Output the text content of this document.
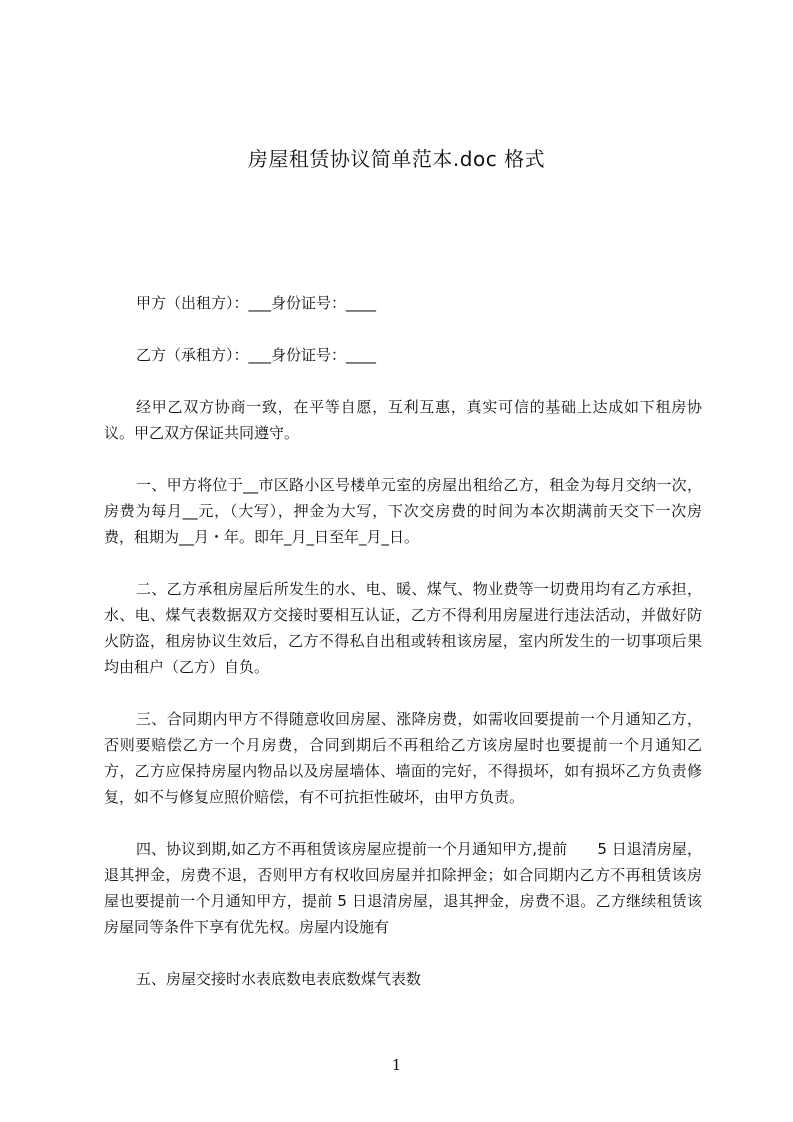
房屋租赁协议简单范本.doc 格式

甲方（出租方）：___身份证号：____

乙方（承租方）：___身份证号：____

经甲乙双方协商一致，在平等自愿，互利互惠，真实可信的基础上达成如下租房协议。甲乙双方保证共同遵守。

一、甲方将位于__市区路小区号楼单元室的房屋出租给乙方，租金为每月交纳一次，房费为每月__元，（大写），押金为大写，下次交房费的时间为本次期满前天交下一次房费，租期为__月・年。即年_月_日至年_月_日。

二、乙方承租房屋后所发生的水、电、暖、煤气、物业费等一切费用均有乙方承担，水、电、煤气表数据双方交接时要相互认证，乙方不得利用房屋进行违法活动，并做好防火防盗，租房协议生效后，乙方不得私自出租或转租该房屋，室内所发生的一切事项后果均由租户（乙方）自负。

三、合同期内甲方不得随意收回房屋、涨降房费，如需收回要提前一个月通知乙方，否则要赔偿乙方一个月房费，合同到期后不再租给乙方该房屋时也要提前一个月通知乙方，乙方应保持房屋内物品以及房屋墙体、墙面的完好，不得损坏，如有损坏乙方负责修复，如不与修复应照价赔偿，有不可抗拒性破坏，由甲方负责。

四、协议到期,如乙方不再租赁该房屋应提前一个月通知甲方,提前　　5 日退清房屋，退其押金，房费不退，否则甲方有权收回房屋并扣除押金；如合同期内乙方不再租赁该房屋也要提前一个月通知甲方，提前 5 日退清房屋，退其押金，房费不退。乙方继续租赁该房屋同等条件下享有优先权。房屋内设施有

五、房屋交接时水表底数电表底数煤气表数

1
